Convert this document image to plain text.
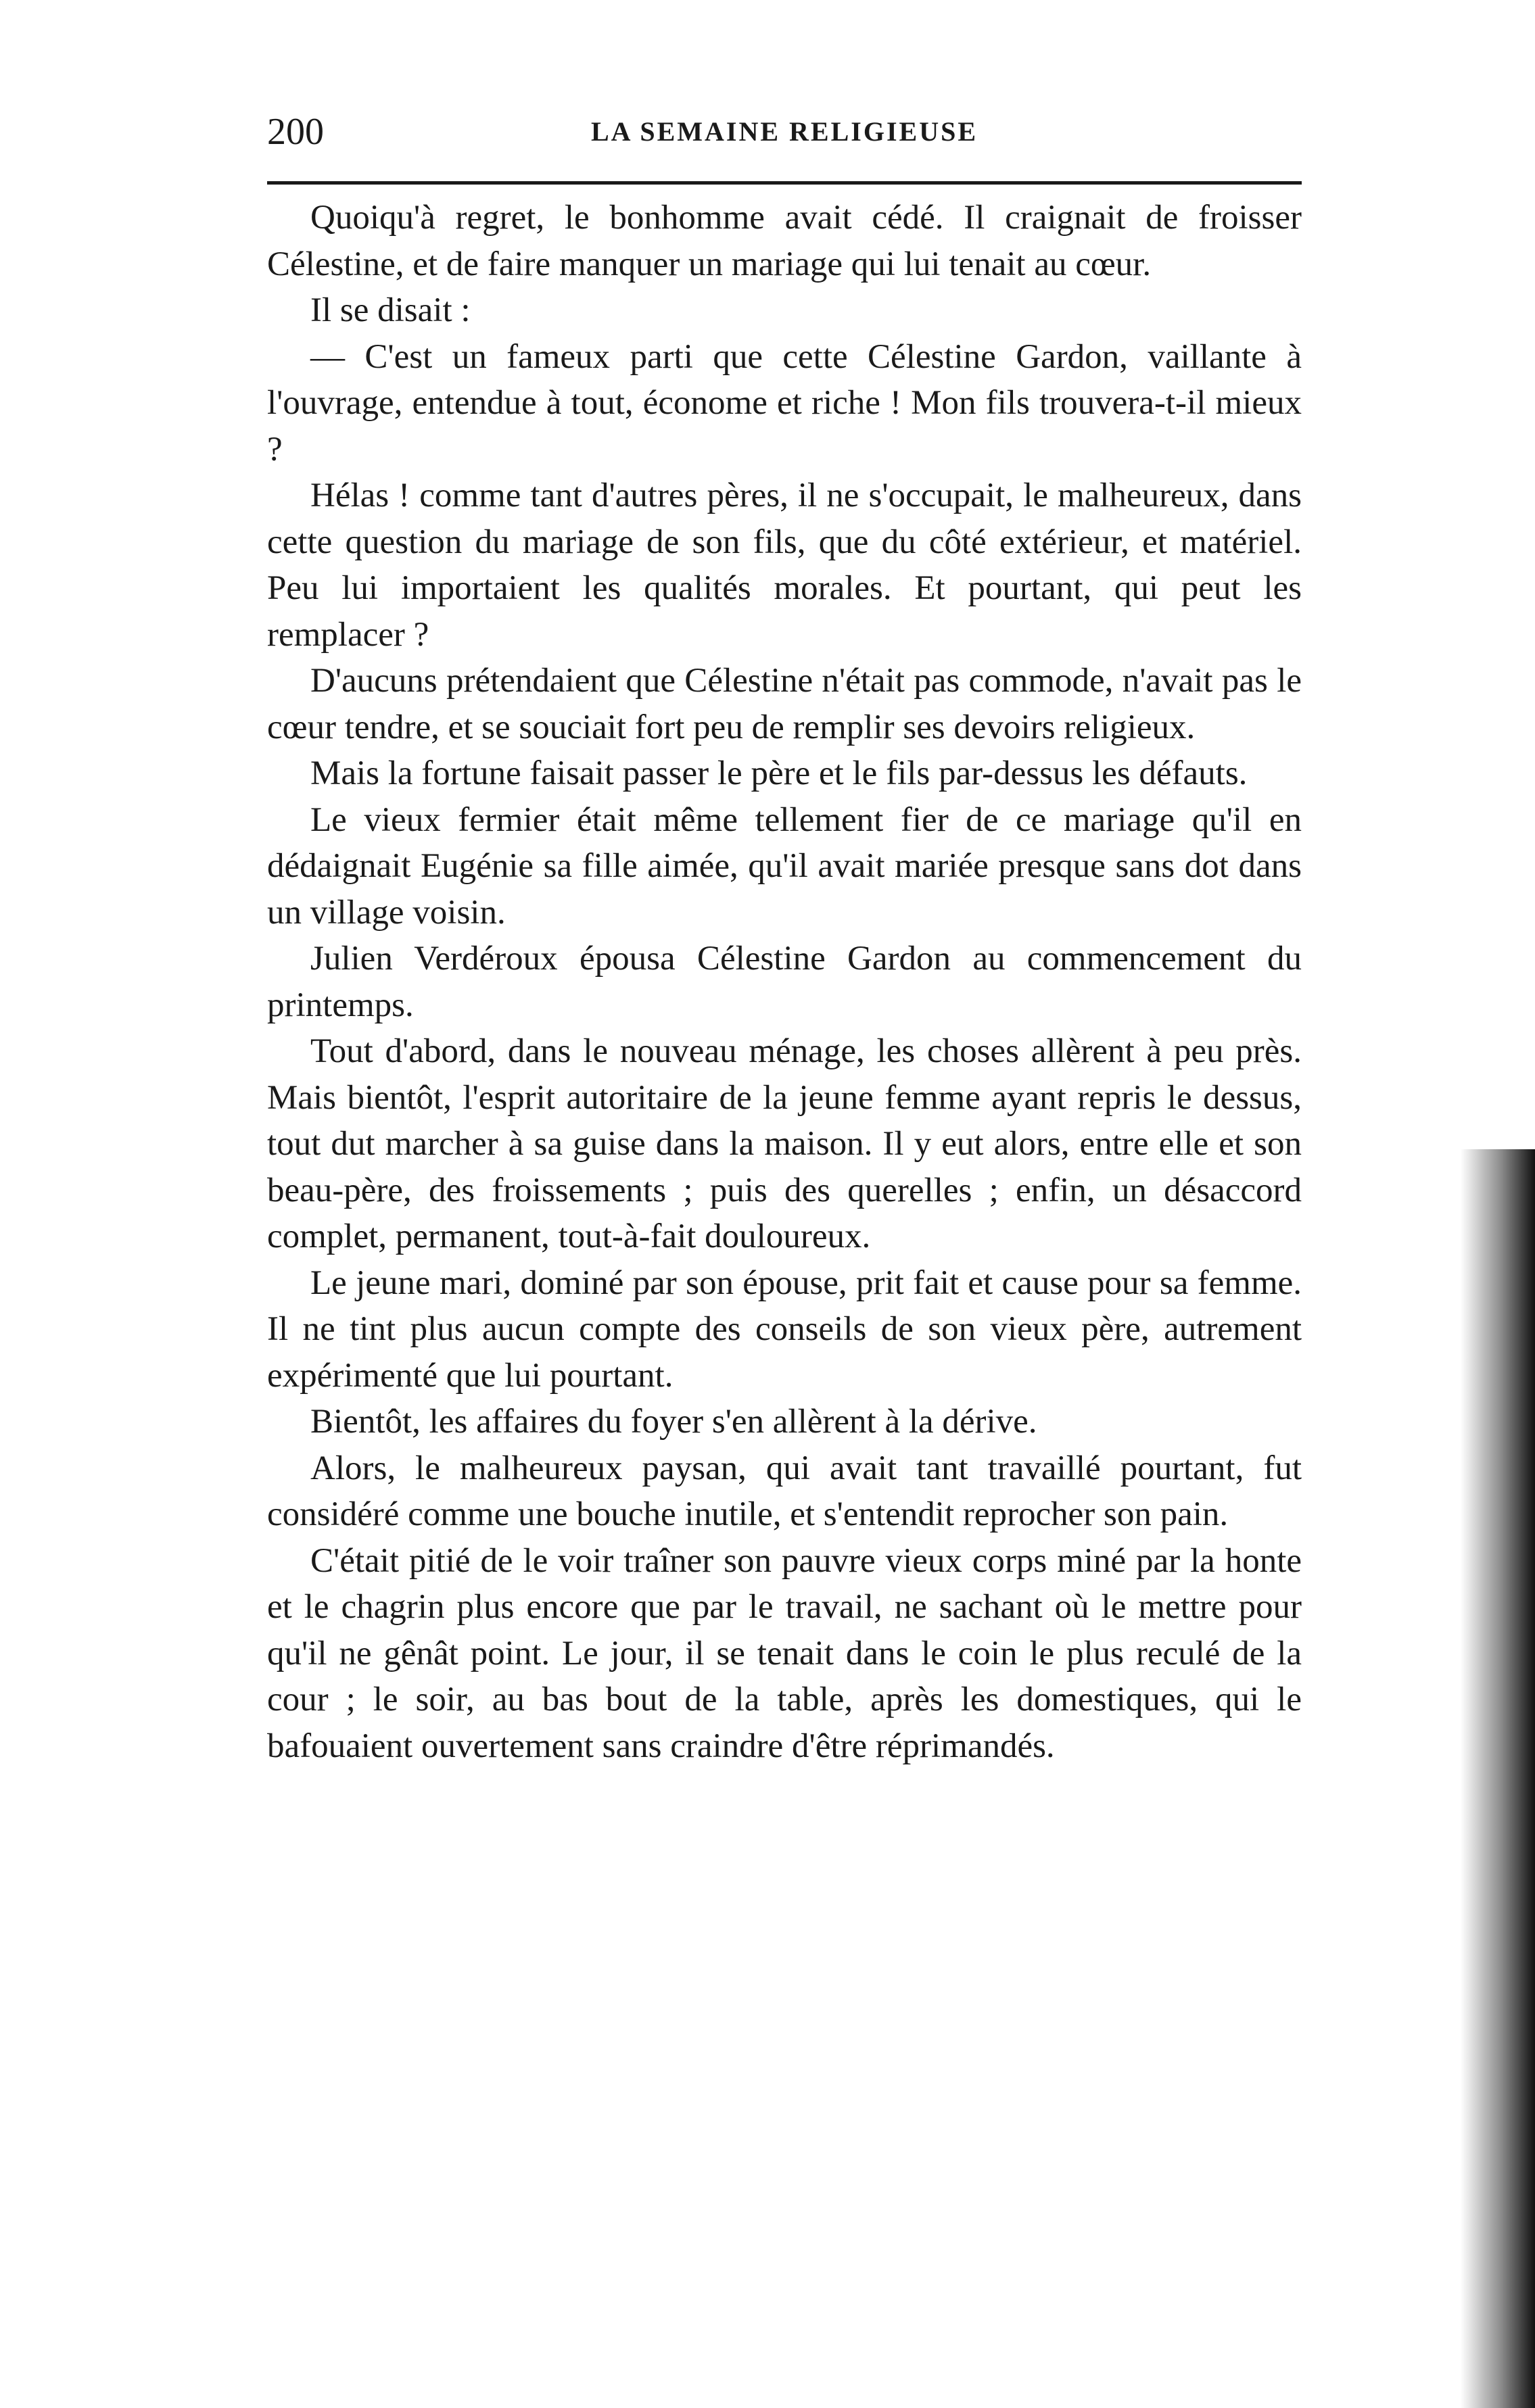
200	LA SEMAINE RELIGIEUSE

Quoiqu'à regret, le bonhomme avait cédé. Il craignait de froisser Célestine, et de faire manquer un mariage qui lui tenait au cœur.

Il se disait :

— C'est un fameux parti que cette Célestine Gardon, vaillante à l'ouvrage, entendue à tout, économe et riche ! Mon fils trouvera-t-il mieux ?

Hélas ! comme tant d'autres pères, il ne s'occupait, le malheureux, dans cette question du mariage de son fils, que du côté extérieur, et matériel. Peu lui importaient les qualités morales. Et pourtant, qui peut les remplacer ?

D'aucuns prétendaient que Célestine n'était pas commode, n'avait pas le cœur tendre, et se souciait fort peu de remplir ses devoirs religieux.

Mais la fortune faisait passer le père et le fils par-dessus les défauts.

Le vieux fermier était même tellement fier de ce mariage qu'il en dédaignait Eugénie sa fille aimée, qu'il avait mariée presque sans dot dans un village voisin.

Julien Verdéroux épousa Célestine Gardon au commencement du printemps.

Tout d'abord, dans le nouveau ménage, les choses allèrent à peu près. Mais bientôt, l'esprit autoritaire de la jeune femme ayant repris le dessus, tout dut marcher à sa guise dans la maison. Il y eut alors, entre elle et son beau-père, des froissements ; puis des querelles ; enfin, un désaccord complet, permanent, tout-à-fait douloureux.

Le jeune mari, dominé par son épouse, prit fait et cause pour sa femme. Il ne tint plus aucun compte des conseils de son vieux père, autrement expérimenté que lui pourtant.

Bientôt, les affaires du foyer s'en allèrent à la dérive.

Alors, le malheureux paysan, qui avait tant travaillé pourtant, fut considéré comme une bouche inutile, et s'entendit reprocher son pain.

C'était pitié de le voir traîner son pauvre vieux corps miné par la honte et le chagrin plus encore que par le travail, ne sachant où le mettre pour qu'il ne gênât point. Le jour, il se tenait dans le coin le plus reculé de la cour ; le soir, au bas bout de la table, après les domestiques, qui le bafouaient ouvertement sans craindre d'être réprimandés.
